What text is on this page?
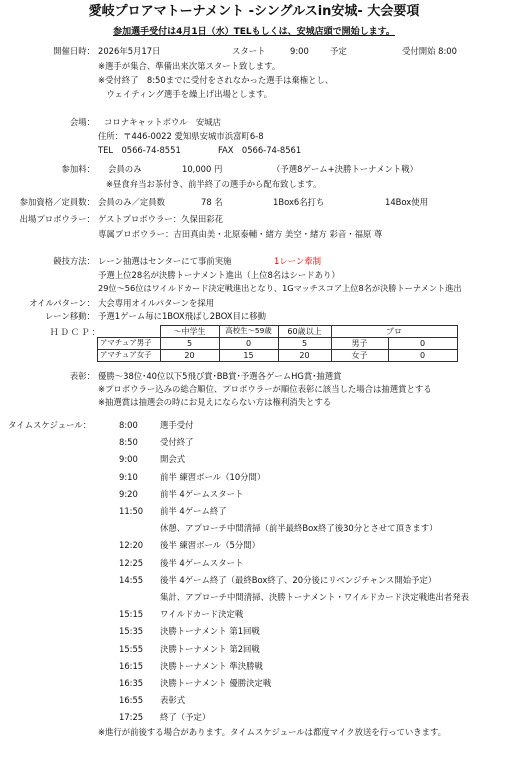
愛岐プロアマトーナメント -シングルスin安城- 大会要項
参加選手受付は4月1日（水）TELもしくは、安城店頭で開始します。
開催日時： 2026年5月17日	スタート	9:00	予定	受付開始 8:00
※選手が集合、準備出来次第スタート致します。
※受付終了　8:50までに受付をされなかった選手は棄権とし、
　ウェイティング選手を繰上げ出場とします。
会場： コロナキャットボウル　安城店
住所：〒446-0022 愛知県安城市浜富町6-8
TEL　0566-74-8551	FAX　0566-74-8561
参加料： 会員のみ	10,000 円	（予選8ゲーム+決勝トーナメント戦）
※昼食弁当お茶付き、前半終了の選手から配布致します。
参加資格／定員数： 会員のみ／定員数	78 名	1Box6名打ち	14Box使用
出場プロボウラー： ゲストプロボウラー：久保田彩花
専属プロボウラー：吉田真由美・北原泰輔・緒方 美空・緒方 彩音・福原 尊
競技方法： レーン抽選はセンターにて事前実施	1レーン牽制
予選上位28名が決勝トーナメント進出（上位8名はシードあり）
29位～56位はワイルドカード決定戦進出となり、1Gマッチスコア上位8名が決勝トーナメント進出
オイルパターン： 大会専用オイルパターンを採用
レーン移動： 予選1ゲーム毎に1BOX飛ばし2BOX目に移動
ＨＤＣＰ：
		～中学生	高校生～59歳	60歳以上	プロ	
アマチュア男子	5	0	5	男子	0
アマチュア女子	20	15	20	女子	0
表彰： 優勝～38位･40位以下5飛び賞･BB賞･予選各ゲームHG賞･抽選賞
※プロボウラー込みの総合順位、プロボウラーが順位表彰に該当した場合は抽選賞とする
※抽選賞は抽選会の時にお見えにならない方は権利消失とする
タイムスケジュール：	8:00	選手受付
8:50	受付終了
9:00	開会式
9:10	前半 練習ボール（10分間）
9:20	前半 4ゲームスタート
11:50 前半 4ゲーム終了
休憩、アプローチ中間清掃（前半最終Box終了後30分とさせて頂きます）
12:20 後半 練習ボール（5分間）
12:25 後半 4ゲームスタート
14:55 後半 4ゲーム終了（最終Box終了、20分後にリベンジチャンス開始予定）
集計、アプローチ中間清掃、決勝トーナメント・ワイルドカード決定戦進出者発表
15:15 ワイルドカード決定戦
15:35 決勝トーナメント 第1回戦
15:55 決勝トーナメント 第2回戦
16:15 決勝トーナメント 準決勝戦
16:35 決勝トーナメント 優勝決定戦
16:55 表彰式
17:25 終了（予定）
※進行が前後する場合があります。タイムスケジュールは都度マイク放送を行っていきます。
